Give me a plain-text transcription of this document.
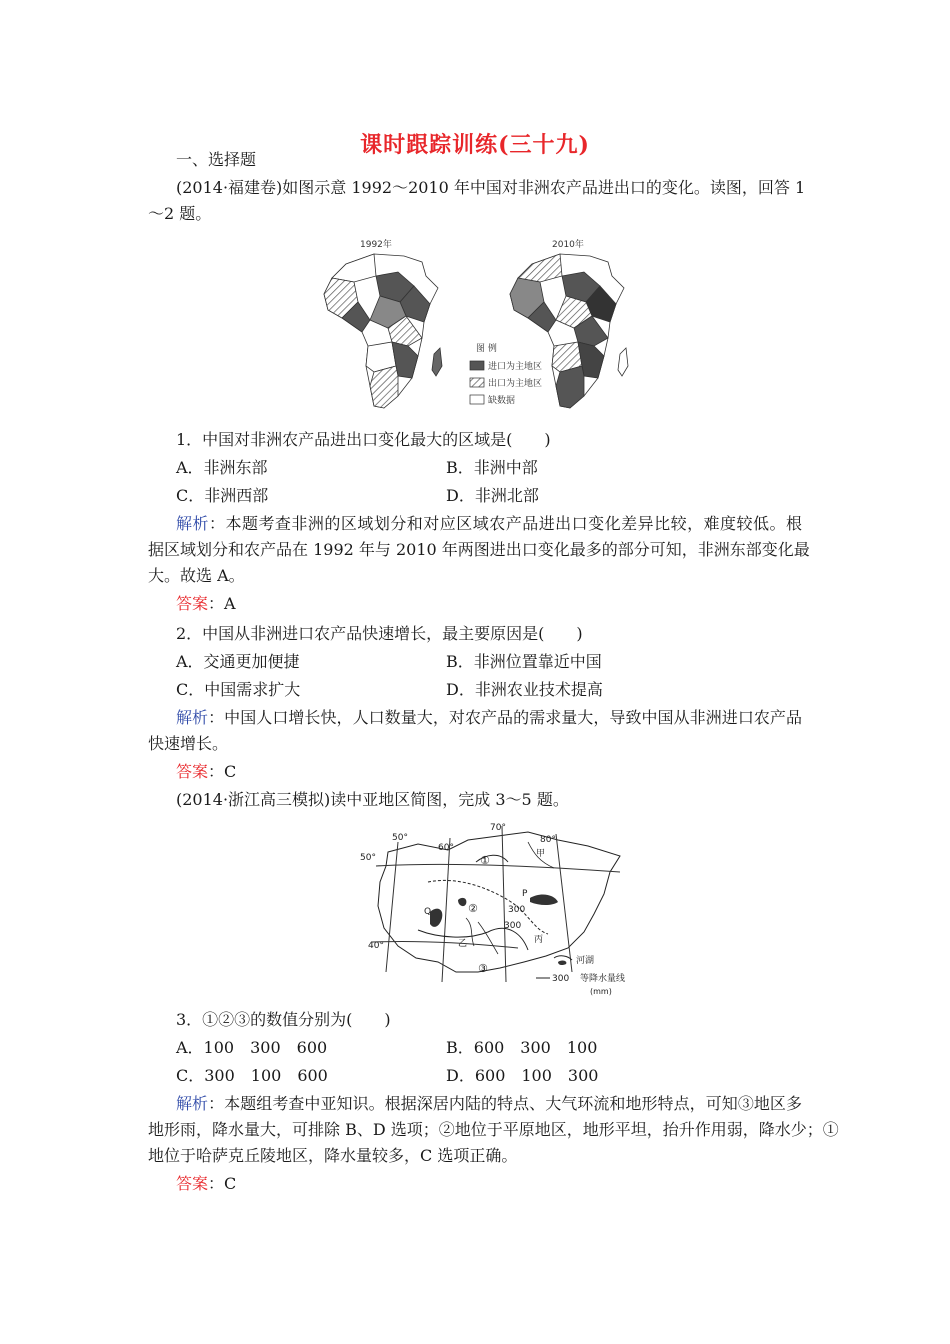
课时跟踪训练(三十九)
一、选择题
(2014·福建卷)如图示意 1992～2010 年中国对非洲农产品进出口的变化。读图，回答 1
～2 题。
1992年	2010年
图 例
进口为主地区
出口为主地区
缺数据
1．中国对非洲农产品进出口变化最大的区域是(　　)
A．非洲东部	B．非洲中部
C．非洲西部	D．非洲北部
解析：本题考查非洲的区域划分和对应区域农产品进出口变化差异比较，难度较低。根
据区域划分和农产品在 1992 年与 2010 年两图进出口变化最多的部分可知，非洲东部变化最
大。故选 A。
答案：A
2．中国从非洲进口农产品快速增长，最主要原因是(　　)
A．交通更加便捷	B．非洲位置靠近中国
C．中国需求扩大	D．非洲农业技术提高
解析：中国人口增长快，人口数量大，对农产品的需求量大，导致中国从非洲进口农产品
快速增长。
答案：C
(2014·浙江高三模拟)读中亚地区简图，完成 3～5 题。
50°
60°
70°
80°
50°
40°
①
②
③
甲
乙	丙
P
Q	300
300
河湖
300 等降水量线
(mm)
3．①②③的数值分别为(　　)
A．100　300　600	B．600　300　100
C．300　100　600	D．600　100　300
解析：本题组考查中亚知识。根据深居内陆的特点、大气环流和地形特点，可知③地区多
地形雨，降水量大，可排除 B、D 选项；②地位于平原地区，地形平坦，抬升作用弱，降水少；①
地位于哈萨克丘陵地区，降水量较多，C 选项正确。
答案：C
